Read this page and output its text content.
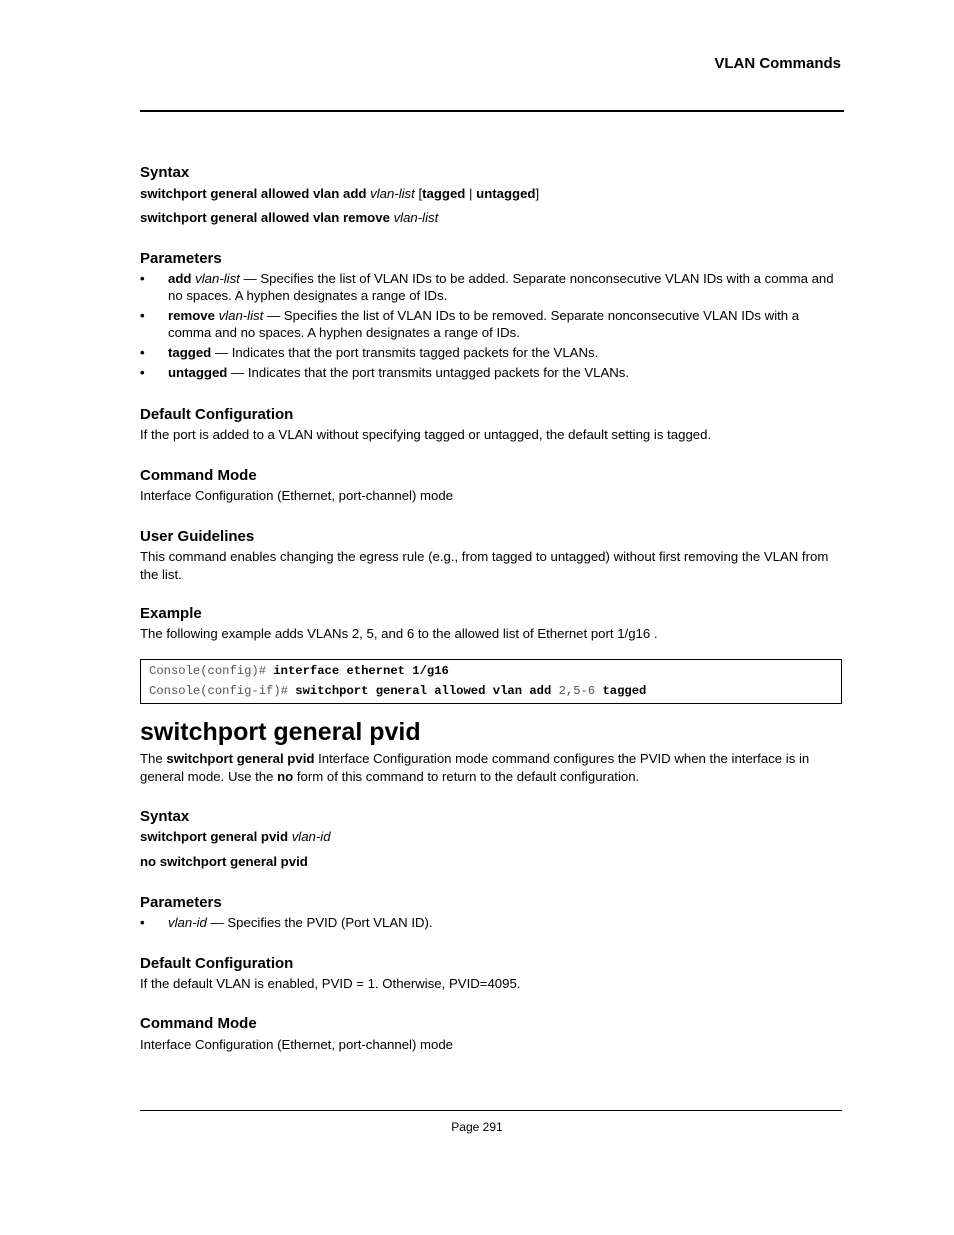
VLAN Commands
Syntax
switchport general allowed vlan add vlan-list [tagged | untagged]
switchport general allowed vlan remove vlan-list
Parameters
• add vlan-list — Specifies the list of VLAN IDs to be added. Separate nonconsecutive VLAN IDs with a comma and no spaces. A hyphen designates a range of IDs.
• remove vlan-list — Specifies the list of VLAN IDs to be removed. Separate nonconsecutive VLAN IDs with a comma and no spaces. A hyphen designates a range of IDs.
• tagged — Indicates that the port transmits tagged packets for the VLANs.
• untagged — Indicates that the port transmits untagged packets for the VLANs.
Default Configuration
If the port is added to a VLAN without specifying tagged or untagged, the default setting is tagged.
Command Mode
Interface Configuration (Ethernet, port-channel) mode
User Guidelines
This command enables changing the egress rule (e.g., from tagged to untagged) without first removing the VLAN from the list.
Example
The following example adds VLANs 2, 5, and 6 to the allowed list of Ethernet port 1/g16 .
Console(config)# interface ethernet 1/g16
Console(config-if)# switchport general allowed vlan add 2,5-6 tagged
switchport general pvid
The switchport general pvid Interface Configuration mode command configures the PVID when the interface is in general mode. Use the no form of this command to return to the default configuration.
Syntax
switchport general pvid vlan-id
no switchport general pvid
Parameters
• vlan-id — Specifies the PVID (Port VLAN ID).
Default Configuration
If the default VLAN is enabled, PVID = 1. Otherwise, PVID=4095.
Command Mode
Interface Configuration (Ethernet, port-channel) mode
Page 291
